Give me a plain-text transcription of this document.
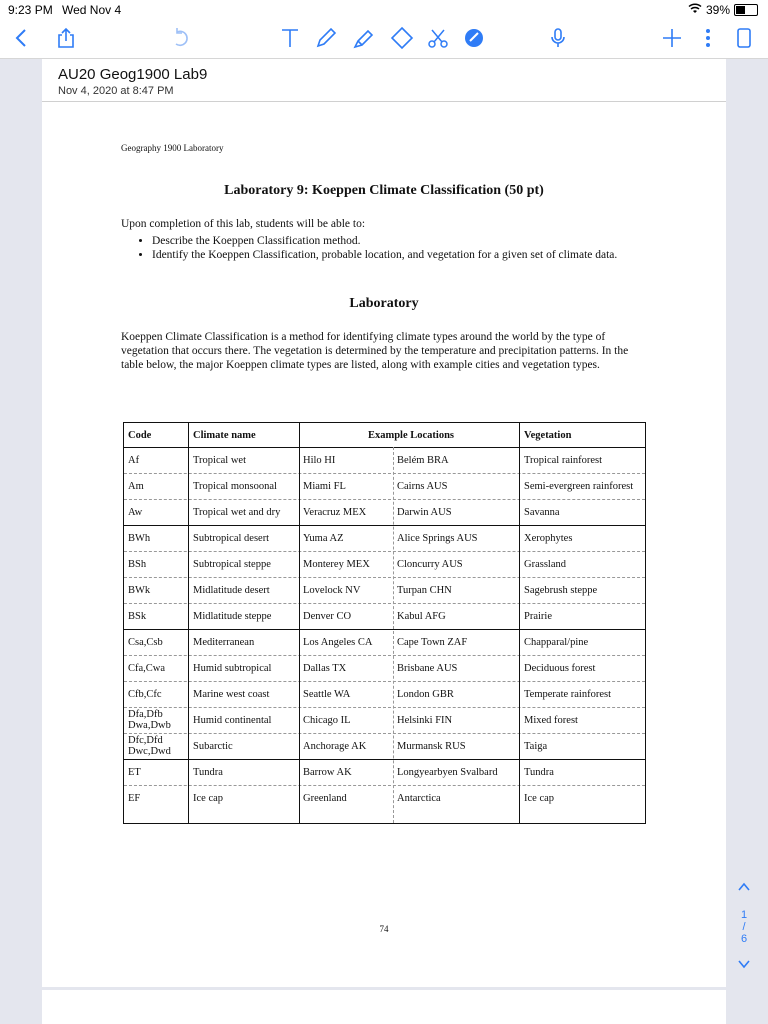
9:23 PM Wed Nov 4	39%
AU20 Geog1900 Lab9
Nov 4, 2020 at 8:47 PM
Geography 1900 Laboratory
Laboratory 9: Koeppen Climate Classification (50 pt)
Upon completion of this lab, students will be able to:
• Describe the Koeppen Classification method.
• Identify the Koeppen Classification, probable location, and vegetation for a given set of climate data.
Laboratory

Koeppen Climate Classification is a method for identifying climate types around the world by the type of vegetation that occurs there. The vegetation is determined by the temperature and precipitation patterns. In the table below, the major Koeppen climate types are listed, along with example cities and vegetation types.

Code	Climate name	Example Locations	Vegetation
Af	Tropical wet	Hilo HI	Belém BRA	Tropical rainforest
Am	Tropical monsoonal	Miami FL	Cairns AUS	Semi-evergreen rainforest
Aw	Tropical wet and dry	Veracruz MEX	Darwin AUS	Savanna
BWh	Subtropical desert	Yuma AZ	Alice Springs AUS	Xerophytes
BSh	Subtropical steppe	Monterey MEX	Cloncurry AUS	Grassland
BWk	Midlatitude desert	Lovelock NV	Turpan CHN	Sagebrush steppe
BSk	Midlatitude steppe	Denver CO	Kabul AFG	Prairie
Csa,Csb	Mediterranean	Los Angeles CA	Cape Town ZAF	Chapparal/pine
Cfa,Cwa	Humid subtropical	Dallas TX	Brisbane AUS	Deciduous forest
Cfb,Cfc	Marine west coast	Seattle WA	London GBR	Temperate rainforest
Dfa,Dfb Dwa,Dwb	Humid continental	Chicago IL	Helsinki FIN	Mixed forest
Dfc,Dfd Dwc,Dwd	Subarctic	Anchorage AK	Murmansk RUS	Taiga
ET	Tundra	Barrow AK	Longyearbyen Svalbard	Tundra
EF	Ice cap	Greenland	Antarctica	Ice cap
74
1
/
6
